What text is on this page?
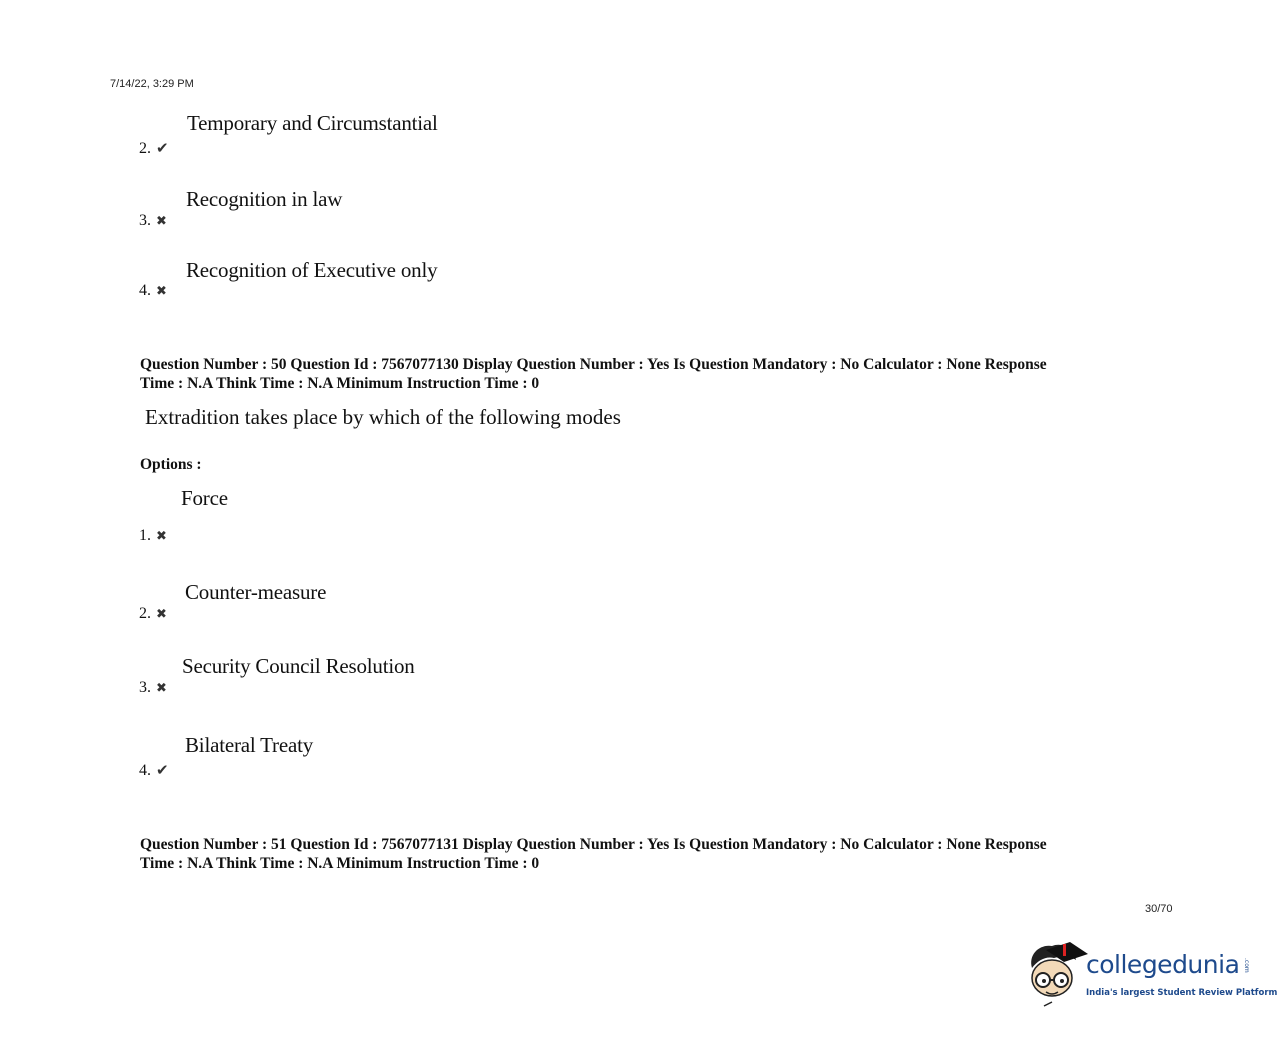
7/14/22, 3:29 PM
Temporary and Circumstantial
2. ✔
Recognition in law
3. ✖
Recognition of Executive only
4. ✖
Question Number : 50 Question Id : 7567077130 Display Question Number : Yes Is Question Mandatory : No Calculator : None Response
Time : N.A Think Time : N.A Minimum Instruction Time : 0
Extradition takes place by which of the following modes
Options :
Force
1. ✖
Counter-measure
2. ✖
Security Council Resolution
3. ✖
Bilateral Treaty
4. ✔
Question Number : 51 Question Id : 7567077131 Display Question Number : Yes Is Question Mandatory : No Calculator : None Response
Time : N.A Think Time : N.A Minimum Instruction Time : 0
30/70
collegedunia .com
India's largest Student Review Platform
